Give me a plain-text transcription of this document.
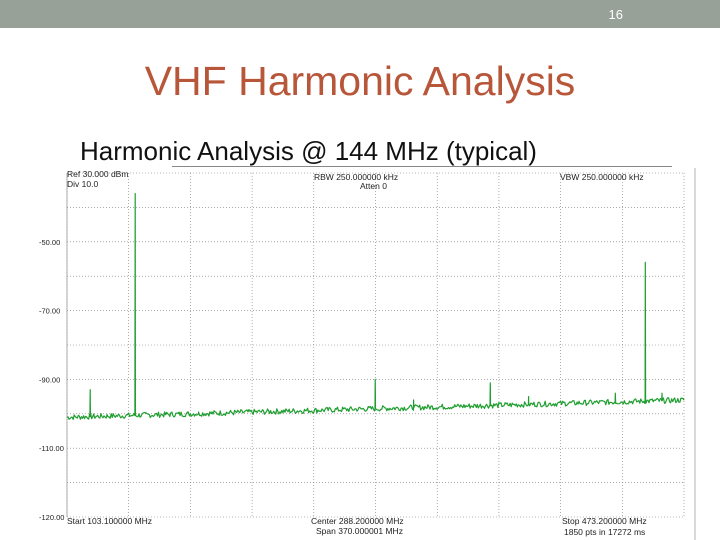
16
VHF Harmonic Analysis
Harmonic Analysis @ 144 MHz (typical)
-50.00
-70.00
-90.00
-110.00
-120.00
Ref 30.000 dBm
Div 10.0
RBW 250.000000 kHz
Atten 0
VBW 250.000000 kHz
Start 103.100000 MHz	Center 288.200000 MHz
Span 370.000001 MHz
Stop 473.200000 MHz
1850 pts in 17272 ms
